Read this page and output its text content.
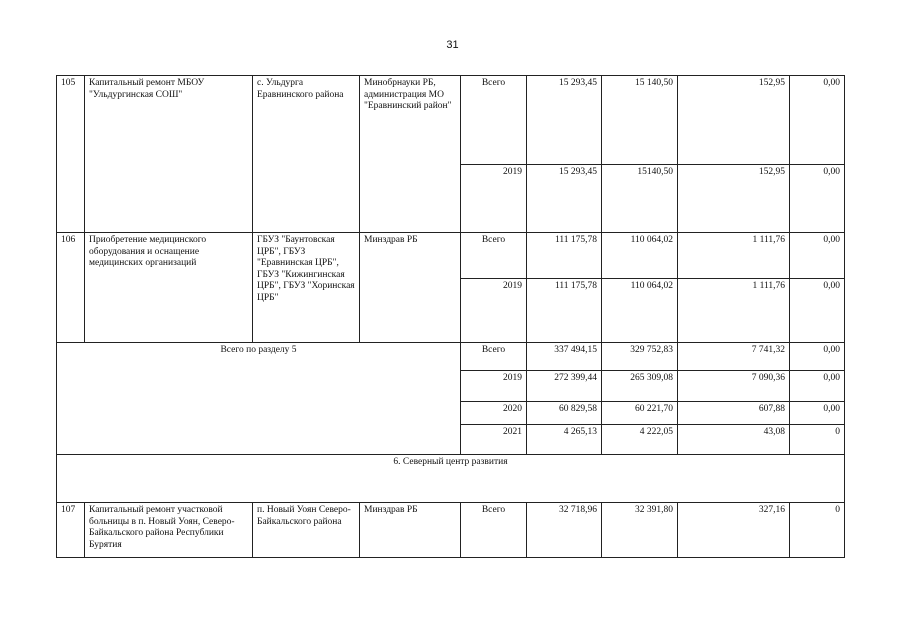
31
105	Капитальный ремонт МБОУ "Ульдургинская СОШ"	с. Ульдурга Еравнинского района	Минобрнауки РБ, администрация МО "Еравнинский район"	Всего	15 293,45	15 140,50	152,95	0,00
				2019	15 293,45	15140,50	152,95	0,00
106	Приобретение медицинского оборудования и оснащение медицинских организаций	ГБУЗ "Баунтовская ЦРБ", ГБУЗ "Еравнинская ЦРБ", ГБУЗ "Кижингинская ЦРБ", ГБУЗ "Хоринская ЦРБ"	Минздрав РБ	Всего	111 175,78	110 064,02	1 111,76	0,00
				2019	111 175,78	110 064,02	1 111,76	0,00
Всего по разделу 5				Всего	337 494,15	329 752,83	7 741,32	0,00
				2019	272 399,44	265 309,08	7 090,36	0,00
				2020	60 829,58	60 221,70	607,88	0,00
				2021	4 265,13	4 222,05	43,08	0
6. Северный центр развития								
107	Капитальный ремонт участковой больницы в п. Новый Уоян, Северо-Байкальского района Республики Бурятия	п. Новый Уоян Северо-Байкальского района	Минздрав РБ	Всего	32 718,96	32 391,80	327,16	0
